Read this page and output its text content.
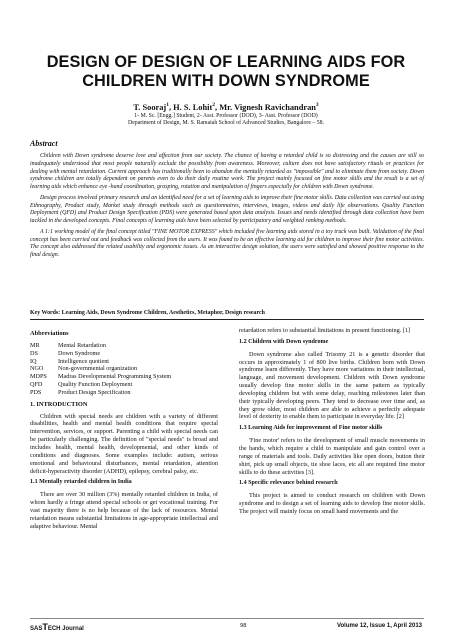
DESIGN OF DESIGN OF LEARNING AIDS FOR
CHILDREN WITH DOWN SYNDROME
T. Sooraj$^1$, H. S. Lohit$^2$, Mr. Vignesh Ravichandran$^3$
1- M. Sc. [Engg.] Student, 2- Asst. Professor (DOD), 3- Asst. Professor (DOD)
Department of Design, M. S. Ramaiah School of Advanced Studies, Bangalore – 58.
Abstract

Children with Down syndrome deserve love and affection from our society. The chance of having a retarded child is so distressing and the causes are still so inadequately understood that most people naturally exclude the possibility from awareness. Moreover, culture does not have satisfactory rituals or practices for dealing with mental retardation. Current approach has traditionally been to abandon the mentally retarded as "impossible" and to eliminate them from society. Down syndrome children are totally dependent on parents even to do their daily routine work. The project mainly focused on fine motor skills and the result is a set of learning aids which enhance eye -hand coordination, grasping, rotation and manipulation of fingers especially for children with Down syndrome.

Design process involved primary research and an identified need for a set of learning aids to improve their fine motor skills. Data collection was carried out using Ethnography, Product study, Market study through methods such as questionnaires, interviews, images, videos and daily life observations. Quality Function Deployment (QFD) and Product Design Specification (PDS) were generated based upon data analysis. Issues and needs identified through data collection have been tackled in the developed concepts. Final concepts of learning aids have been selected by participatory and weighted ranking methods.

A 1:1 working model of the final concept titled "FINE MOTOR EXPRESS" which included five learning aids stored in a toy truck was built. Validation of the final concept has been carried out and feedback was collected from the users. It was found to be an effective learning aid for children to improve their fine motor activities. The concept also addressed the related usability and ergonomic issues. As an interactive design solution, the users were satisfied and showed positive response to the final design.

Key Words: Learning Aids, Down Syndrome Children, Aesthetics, Metaphor, Design research
Abbreviations
MR	Mental Retardation
DS	Down Syndrome
IQ	Intelligence quotient
NGO	Non-governmental organization
MDPS	Madras Developmental Programming System
QFD	Quality Function Deployment
PDS	Product Design Specification
1. INTRODUCTION

Children with special needs are children with a variety of different disabilities, health and mental health conditions that require special intervention, services, or support. Parenting a child with special needs can be particularly challenging. The definition of "special needs" is broad and includes health, mental health, developmental, and other kinds of conditions and diagnoses. Some examples include: autism, serious emotional and behavioural disturbances, mental retardation, attention deficit-hyperactivity disorder (ADHD), epilepsy, cerebral palsy, etc.

1.1 Mentally retarded children in India

There are over 30 million (3%) mentally retarded children in India, of whom hardly a fringe attend special schools or get vocational training. For vast majority there is no help because of the lack of resources. Mental retardation means substantial limitations in age-appropriate intellectual and adaptive behaviour. Mental

retardation refers to substantial limitations in present functioning. [1]

1.2 Children with Down syndrome

Down syndrome also called Trisomy 21 is a genetic disorder that occurs in approximately 1 of 800 live births. Children born with Down syndrome learn differently. They have more variations in their intellectual, language, and movement development. Children with Down syndrome usually develop fine motor skills in the same pattern as typically developing children but with some delay, reaching milestones later than their typically developing peers. They tend to decrease over time and, as they grow older, most children are able to achieve a perfectly adequate level of dexterity to enable them to participate in everyday life. [2]

1.3 Learning Aids for improvement of Fine motor skills

'Fine motor' refers to the development of small muscle movements in the hands, which require a child to manipulate and gain control over a range of materials and tools. Daily activities like open doors, button their shirt, pick up small objects, tie shoe laces, etc all are required fine motor skills to do these activities [3].

1.4 Specific relevance behind research

This project is aimed to conduct research on children with Down syndrome and to design a set of learning aids to develop fine motor skills. The project will mainly focus on small hand movements and the

SASTECH Journal	98	Volume 12, Issue 1, April 2013
